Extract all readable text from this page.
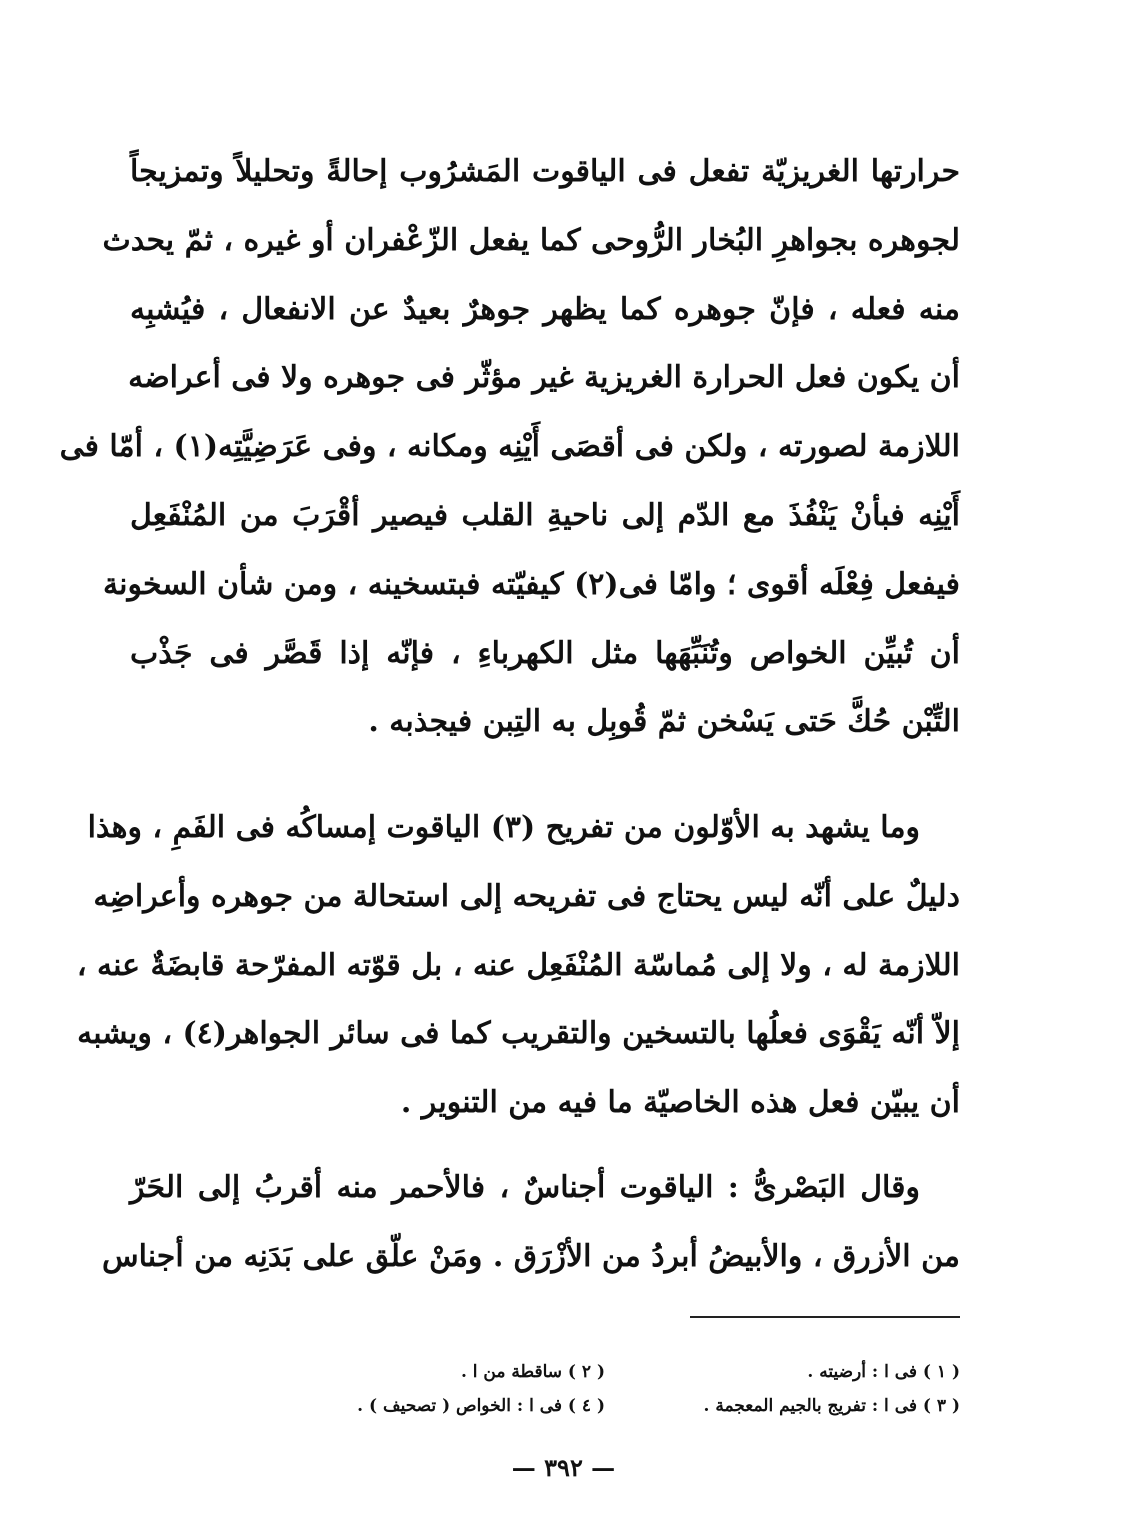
حرارتها الغريزيّة تفعل فى الياقوت المَشرُوب إحالةً وتحليلاً وتمزيجاً
لجوهره بجواهرِ البُخار الرُّوحى كما يفعل الزّعْفران أو غيره ، ثمّ يحدث
منه فعله ، فإنّ جوهره كما يظهر جوهرٌ بعيدٌ عن الانفعال ، فيُشبِه
أن يكون فعل الحرارة الغريزية غير مؤثّر فى جوهره ولا فى أعراضه
اللازمة لصورته ، ولكن فى أقصَى أَيْنِه ومكانه ، وفى عَرَضِيَّتِه(١) ، أمّا فى
أَيْنِه فبأنْ يَنْفُذَ مع الدّم إلى ناحيةِ القلب فيصير أقْرَبَ من المُنْفَعِل
فيفعل فِعْلَه أقوى ؛ وامّا فى(٢) كيفيّته فبتسخينه ، ومن شأن السخونة
أن تُبيِّن الخواص وتُنَبِّهَها مثل الكهرباءِ ، فإنّه إذا قَصَّر فى جَذْب
التِّبْن حُكَّ حَتى يَسْخن ثمّ قُوبِل به التِبن فيجذبه .
وما يشهد به الأوّلون من تفريح (٣) الياقوت إمساكُه فى الفَمِ ، وهذا
دليلٌ على أنّه ليس يحتاج فى تفريحه إلى استحالة من جوهره وأعراضِه
اللازمة له ، ولا إلى مُماسّة المُنْفَعِل عنه ، بل قوّته المفرّحة قابضَةٌ عنه ،
إلاّ أنّه يَقْوَى فعلُها بالتسخين والتقريب كما فى سائر الجواهر(٤) ، ويشبه
أن يبيّن فعل هذه الخاصيّة ما فيه من التنوير .
وقال البَصْرىُّ : الياقوت أجناسٌ ، فالأحمر منه أقربُ إلى الحَرّ
من الأزرق ، والأبيضُ أبردُ من الأزْرَق . ومَنْ علّق على بَدَنِه من أجناس
( ١ ) فى ا : أرضيته .
( ٢ ) ساقطة من ا .
( ٣ ) فى ا : تفريج بالجيم المعجمة .
( ٤ ) فى ا : الخواص ( تصحيف ) .
— ٣٩٢ —
